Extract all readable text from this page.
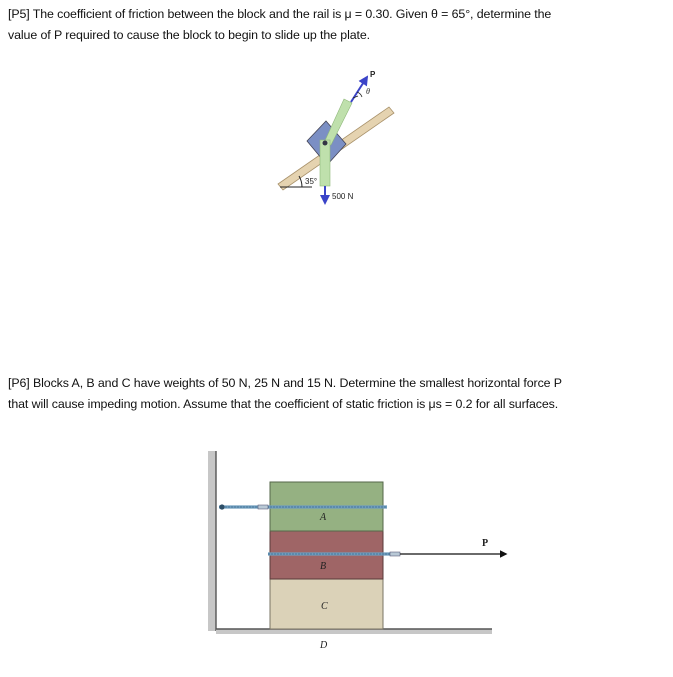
[P5] The coefficient of friction between the block and the rail is μ = 0.30. Given θ = 65°, determine the
value of P required to cause the block to begin to slide up the plate.
35°
P
θ
500 N
A
B
C
D
P
[P6] Blocks A, B and C have weights of 50 N, 25 N and 15 N. Determine the smallest horizontal force P
that will cause impeding motion. Assume that the coefficient of static friction is μs = 0.2 for all surfaces.
